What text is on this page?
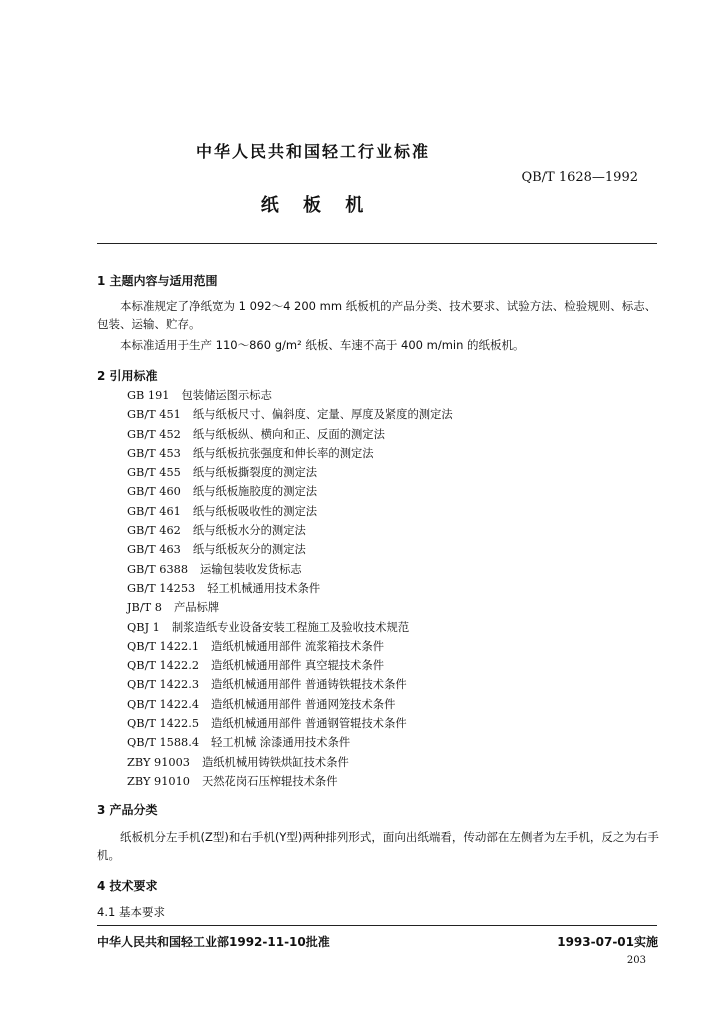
中华人民共和国轻工行业标准
QB/T 1628—1992
纸 板 机
1 主题内容与适用范围
本标准规定了净纸宽为 1 092～4 200 mm 纸板机的产品分类、技术要求、试验方法、检验规则、标志、包装、运输、贮存。
本标准适用于生产 110～860 g/m² 纸板、车速不高于 400 m/min 的纸板机。
2 引用标准
GB 191 包装储运图示标志
GB/T 451 纸与纸板尺寸、偏斜度、定量、厚度及紧度的测定法
GB/T 452 纸与纸板纵、横向和正、反面的测定法
GB/T 453 纸与纸板抗张强度和伸长率的测定法
GB/T 455 纸与纸板撕裂度的测定法
GB/T 460 纸与纸板施胶度的测定法
GB/T 461 纸与纸板吸收性的测定法
GB/T 462 纸与纸板水分的测定法
GB/T 463 纸与纸板灰分的测定法
GB/T 6388 运输包装收发货标志
GB/T 14253 轻工机械通用技术条件
JB/T 8 产品标牌
QBJ 1 制浆造纸专业设备安装工程施工及验收技术规范
QB/T 1422.1 造纸机械通用部件 流浆箱技术条件
QB/T 1422.2 造纸机械通用部件 真空辊技术条件
QB/T 1422.3 造纸机械通用部件 普通铸铁辊技术条件
QB/T 1422.4 造纸机械通用部件 普通网笼技术条件
QB/T 1422.5 造纸机械通用部件 普通钢管辊技术条件
QB/T 1588.4 轻工机械 涂漆通用技术条件
ZBY 91003 造纸机械用铸铁烘缸技术条件
ZBY 91010 天然花岗石压榨辊技术条件
3 产品分类
纸板机分左手机(Z型)和右手机(Y型)两种排列形式，面向出纸端看，传动部在左侧者为左手机，反之为右手机。
4 技术要求
4.1 基本要求
中华人民共和国轻工业部1992-11-10批准	1993-07-01实施
203
